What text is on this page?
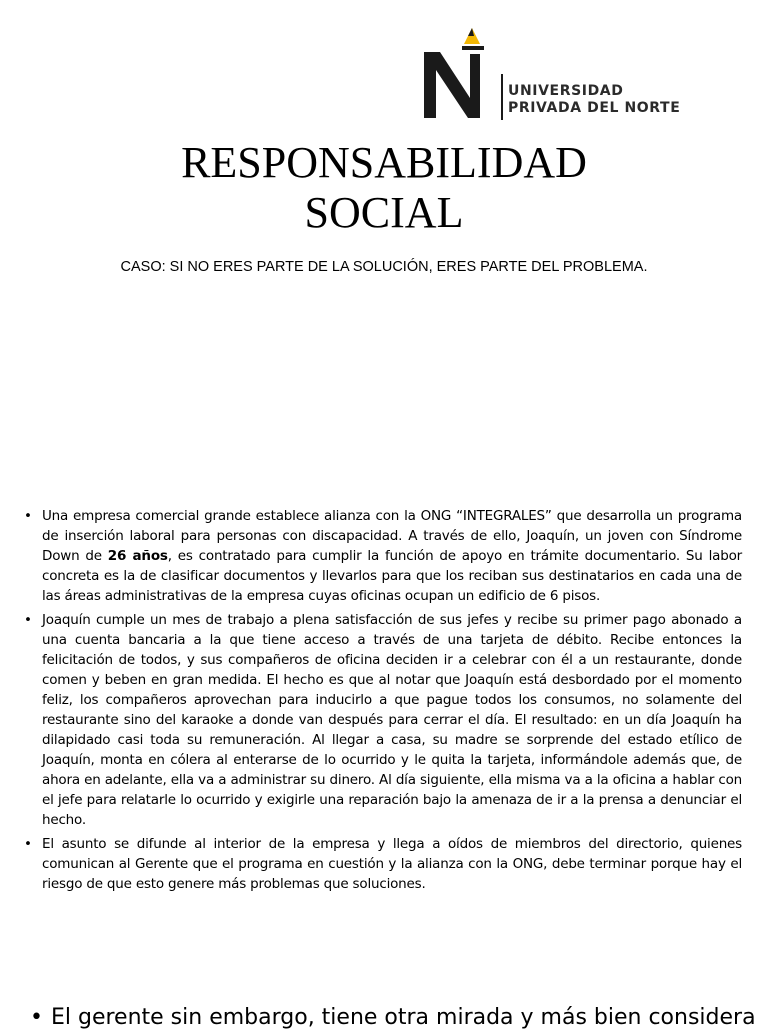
UNIVERSIDAD
PRIVADA DEL NORTE
RESPONSABILIDAD
SOCIAL
CASO: SI NO ERES PARTE DE LA SOLUCIÓN, ERES PARTE DEL PROBLEMA.
• Una empresa comercial grande establece alianza con la ONG “INTEGRALES” que desarrolla un programa de inserción laboral para personas con discapacidad. A través de ello, Joaquín, un joven con Síndrome Down de 26 años, es contratado para cumplir la función de apoyo en trámite documentario. Su labor concreta es la de clasificar documentos y llevarlos para que los reciban sus destinatarios en cada una de las áreas administrativas de la empresa cuyas oficinas ocupan un edificio de 6 pisos.
• Joaquín cumple un mes de trabajo a plena satisfacción de sus jefes y recibe su primer pago abonado a una cuenta bancaria a la que tiene acceso a través de una tarjeta de débito. Recibe entonces la felicitación de todos, y sus compañeros de oficina deciden ir a celebrar con él a un restaurante, donde comen y beben en gran medida. El hecho es que al notar que Joaquín está desbordado por el momento feliz, los compañeros aprovechan para inducirlo a que pague todos los consumos, no solamente del restaurante sino del karaoke a donde van después para cerrar el día. El resultado: en un día Joaquín ha dilapidado casi toda su remuneración. Al llegar a casa, su madre se sorprende del estado etílico de Joaquín, monta en cólera al enterarse de lo ocurrido y le quita la tarjeta, informándole además que, de ahora en adelante, ella va a administrar su dinero. Al día siguiente, ella misma va a la oficina a hablar con el jefe para relatarle lo ocurrido y exigirle una reparación bajo la amenaza de ir a la prensa a denunciar el hecho.
• El asunto se difunde al interior de la empresa y llega a oídos de miembros del directorio, quienes comunican al Gerente que el programa en cuestión y la alianza con la ONG, debe terminar porque hay el riesgo de que esto genere más problemas que soluciones.
• El gerente sin embargo, tiene otra mirada y más bien considera
